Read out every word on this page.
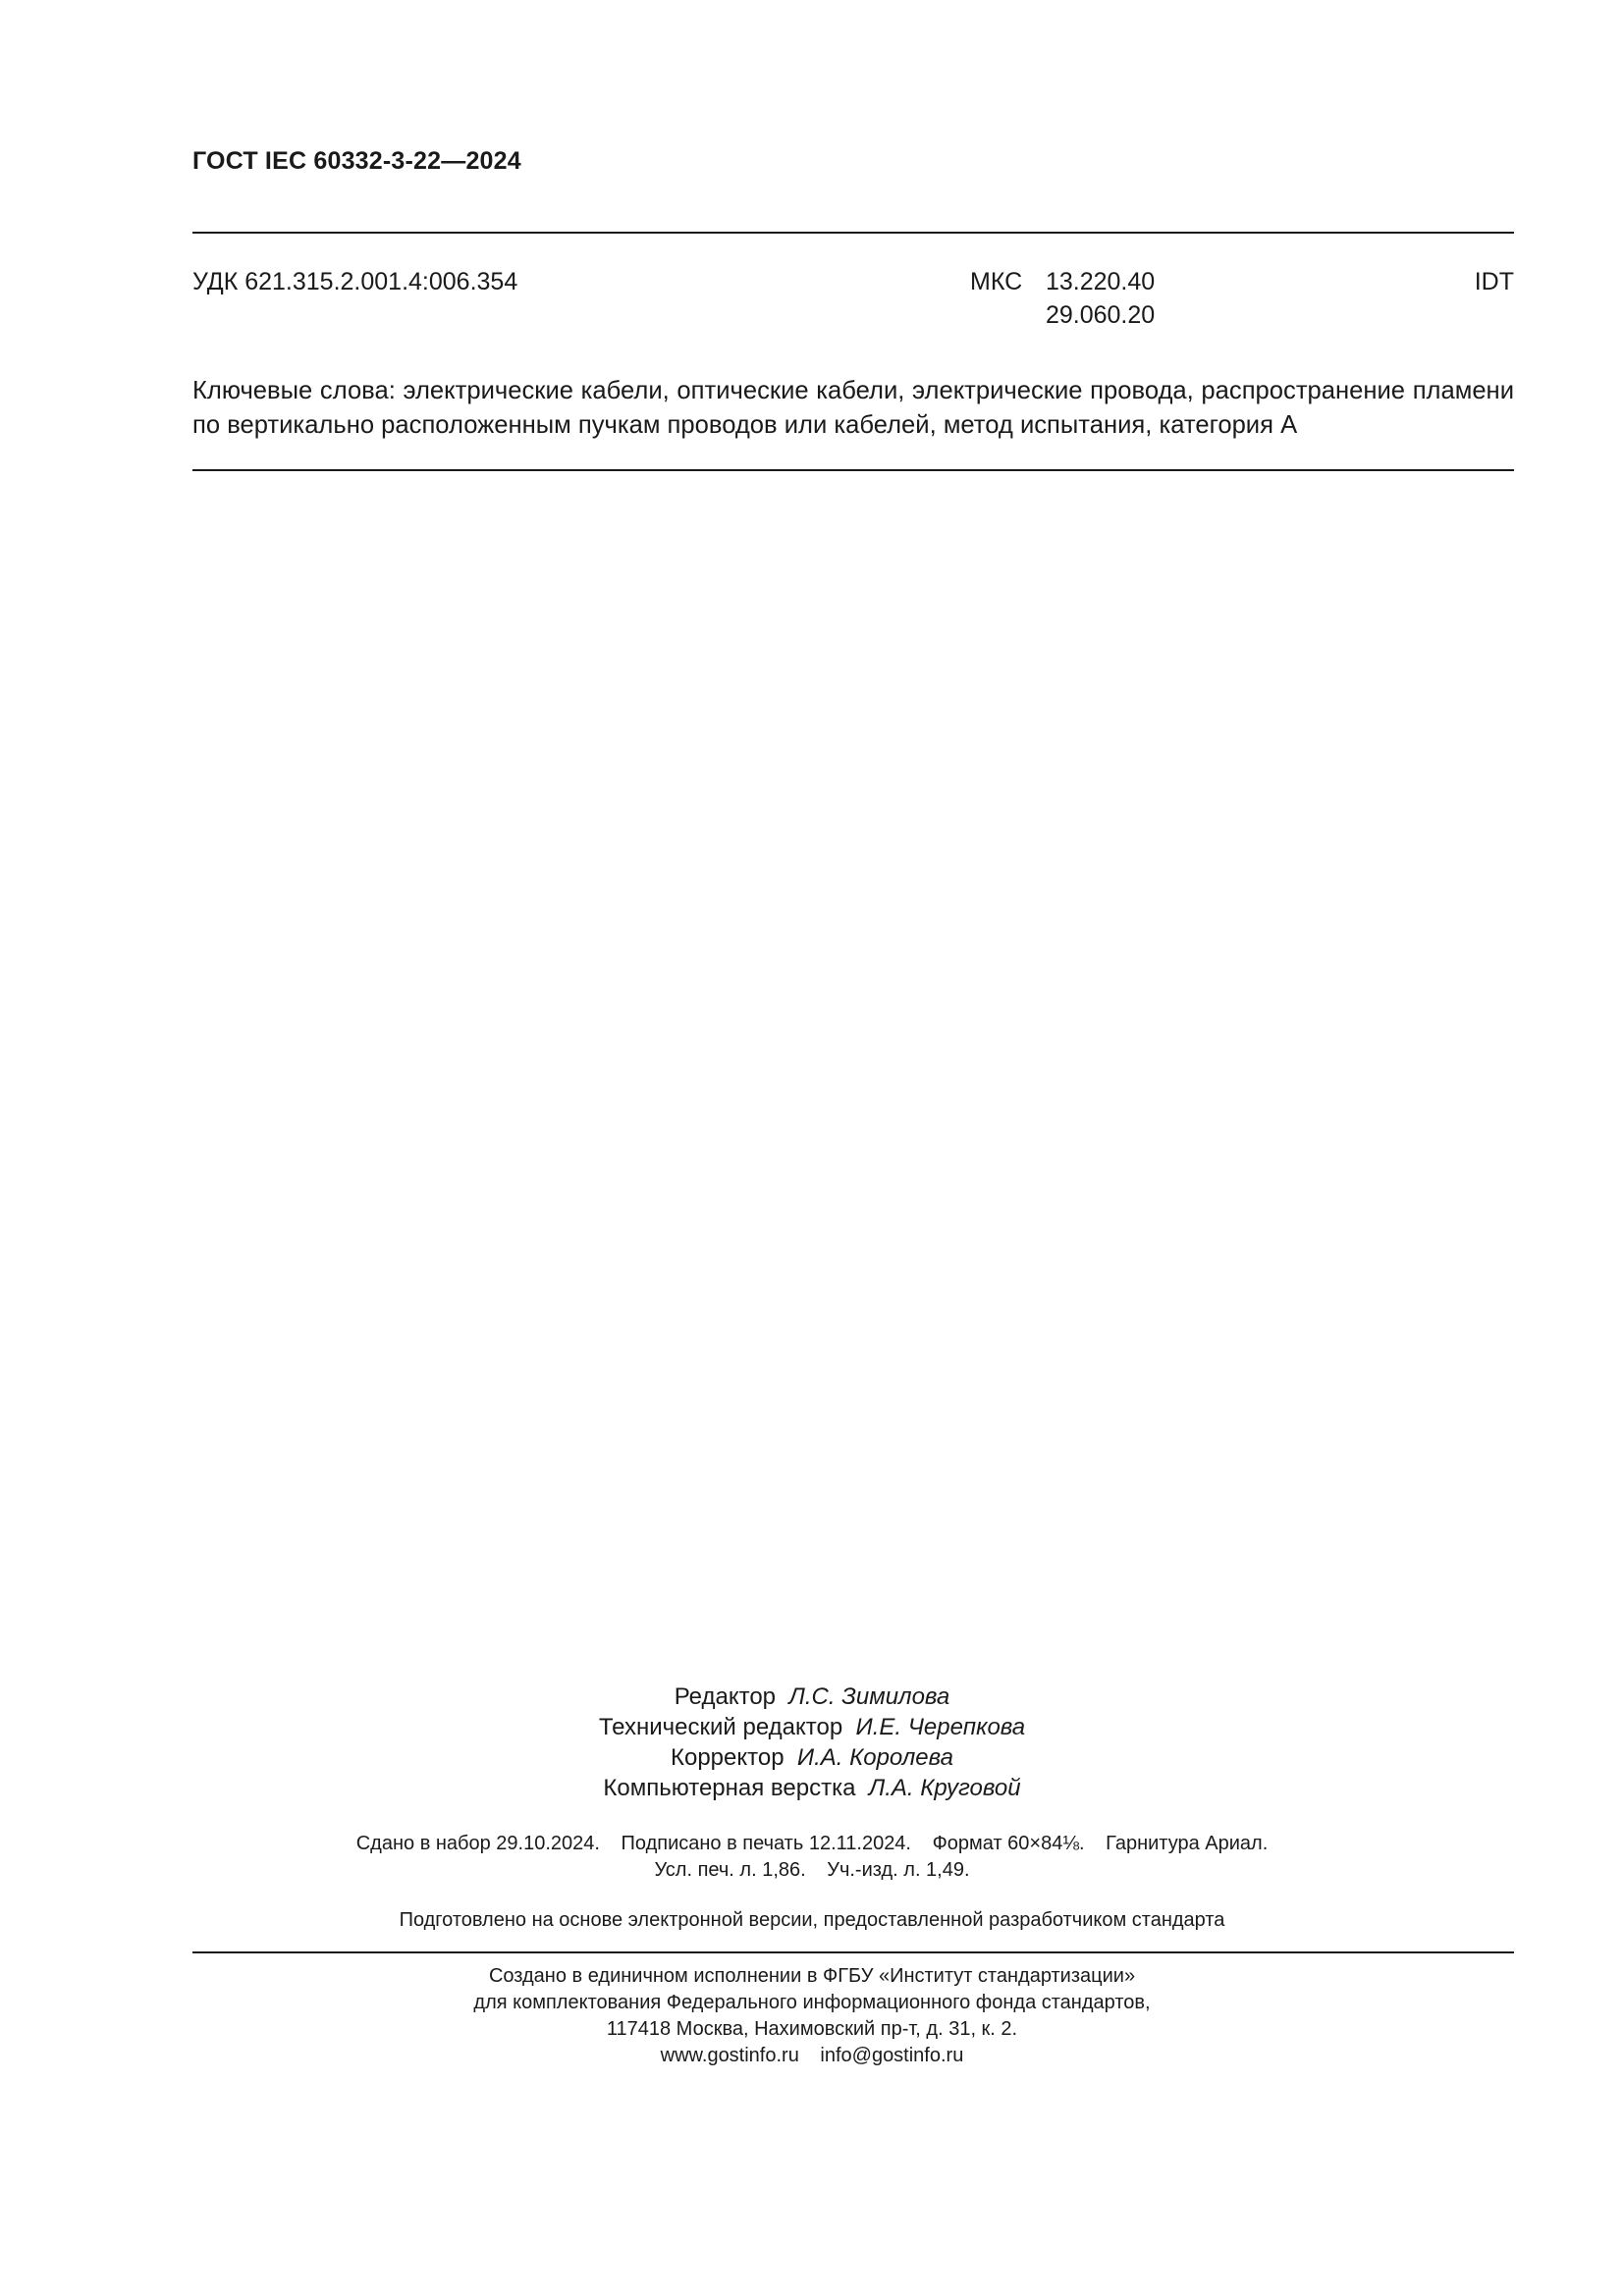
ГОСТ IEC 60332-3-22—2024
УДК 621.315.2.001.4:006.354	МКС 13.220.40
29.060.20
IDT
Ключевые слова: электрические кабели, оптические кабели, электрические провода, распространение пламени по вертикально расположенным пучкам проводов или кабелей, метод испытания, категория А
Редактор Л.С. Зимилова
Технический редактор И.Е. Черепкова
Корректор И.А. Королева
Компьютерная верстка Л.А. Круговой
Сдано в набор 29.10.2024. Подписано в печать 12.11.2024. Формат 60×84⅛. Гарнитура Ариал.
Усл. печ. л. 1,86. Уч.-изд. л. 1,49.
Подготовлено на основе электронной версии, предоставленной разработчиком стандарта
Создано в единичном исполнении в ФГБУ «Институт стандартизации»
для комплектования Федерального информационного фонда стандартов,
117418 Москва, Нахимовский пр-т, д. 31, к. 2.
www.gostinfo.ru info@gostinfo.ru
